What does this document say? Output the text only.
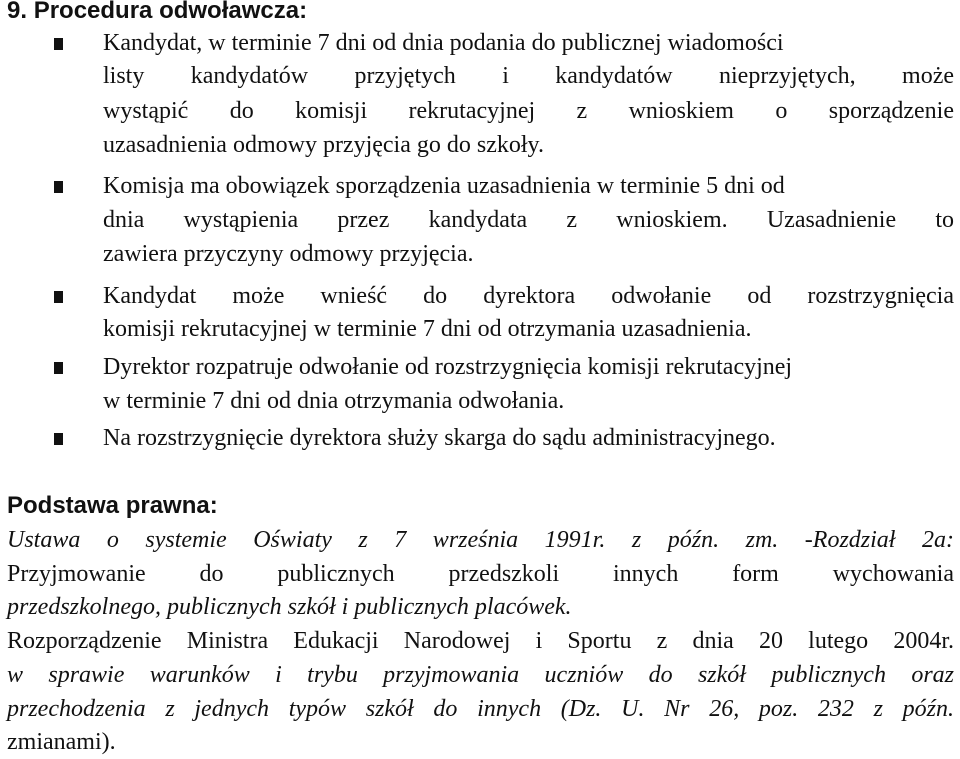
9. Procedura odwoławcza:
Kandydat, w terminie 7 dni od dnia podania do publicznej wiadomości
listy kandydatów przyjętych i kandydatów nieprzyjętych, może
wystąpić do komisji rekrutacyjnej z wnioskiem o sporządzenie
uzasadnienia odmowy przyjęcia go do szkoły.
Komisja ma obowiązek sporządzenia uzasadnienia w terminie 5 dni od
dnia wystąpienia przez kandydata z wnioskiem. Uzasadnienie to
zawiera przyczyny odmowy przyjęcia.
Kandydat może wnieść do dyrektora odwołanie od rozstrzygnięcia
komisji rekrutacyjnej w terminie 7 dni od otrzymania uzasadnienia.
Dyrektor rozpatruje odwołanie od rozstrzygnięcia komisji rekrutacyjnej
w terminie 7 dni od dnia otrzymania odwołania.
Na rozstrzygnięcie dyrektora służy skarga do sądu administracyjnego.
Podstawa prawna:
Ustawa o systemie Oświaty z 7 września 1991r. z późn. zm. -Rozdział 2a:
Przyjmowanie do publicznych przedszkoli innych form wychowania
przedszkolnego, publicznych szkół i publicznych placówek.
Rozporządzenie Ministra Edukacji Narodowej i Sportu z dnia 20 lutego 2004r.
w sprawie warunków i trybu przyjmowania uczniów do szkół publicznych oraz
przechodzenia z jednych typów szkół do innych (Dz. U. Nr 26, poz. 232 z późn.
zmianami).
